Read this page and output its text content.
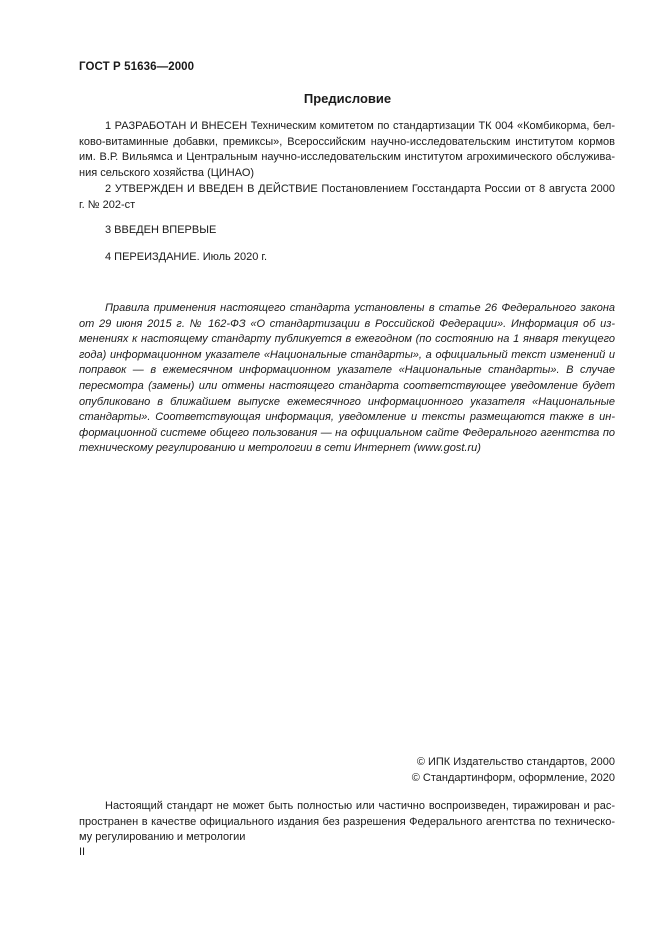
ГОСТ Р 51636—2000
Предисловие

1 РАЗРАБОТАН И ВНЕСЕН Техническим комитетом по стандартизации ТК 004 «Комбикорма, белково-витаминные добавки, премиксы», Всероссийским научно-исследовательским институтом кормов им. В.Р. Вильямса и Центральным научно-исследовательским институтом агрохимического обслуживания сельского хозяйства (ЦИНАО)

2 УТВЕРЖДЕН И ВВЕДЕН В ДЕЙСТВИЕ Постановлением Госстандарта России от 8 августа 2000 г. № 202-ст

3 ВВЕДЕН ВПЕРВЫЕ

4 ПЕРЕИЗДАНИЕ. Июль 2020 г.

Правила применения настоящего стандарта установлены в статье 26 Федерального закона от 29 июня 2015 г. № 162-ФЗ «О стандартизации в Российской Федерации». Информация об изменениях к настоящему стандарту публикуется в ежегодном (по состоянию на 1 января текущего года) информационном указателе «Национальные стандарты», а официальный текст изменений и поправок — в ежемесячном информационном указателе «Национальные стандарты». В случае пересмотра (замены) или отмены настоящего стандарта соответствующее уведомление будет опубликовано в ближайшем выпуске ежемесячного информационного указателя «Национальные стандарты». Соответствующая информация, уведомление и тексты размещаются также в информационной системе общего пользования — на официальном сайте Федерального агентства по техническому регулированию и метрологии в сети Интернет (www.gost.ru)

© ИПК Издательство стандартов, 2000
© Стандартинформ, оформление, 2020

Настоящий стандарт не может быть полностью или частично воспроизведен, тиражирован и распространен в качестве официального издания без разрешения Федерального агентства по техническому регулированию и метрологии

II
